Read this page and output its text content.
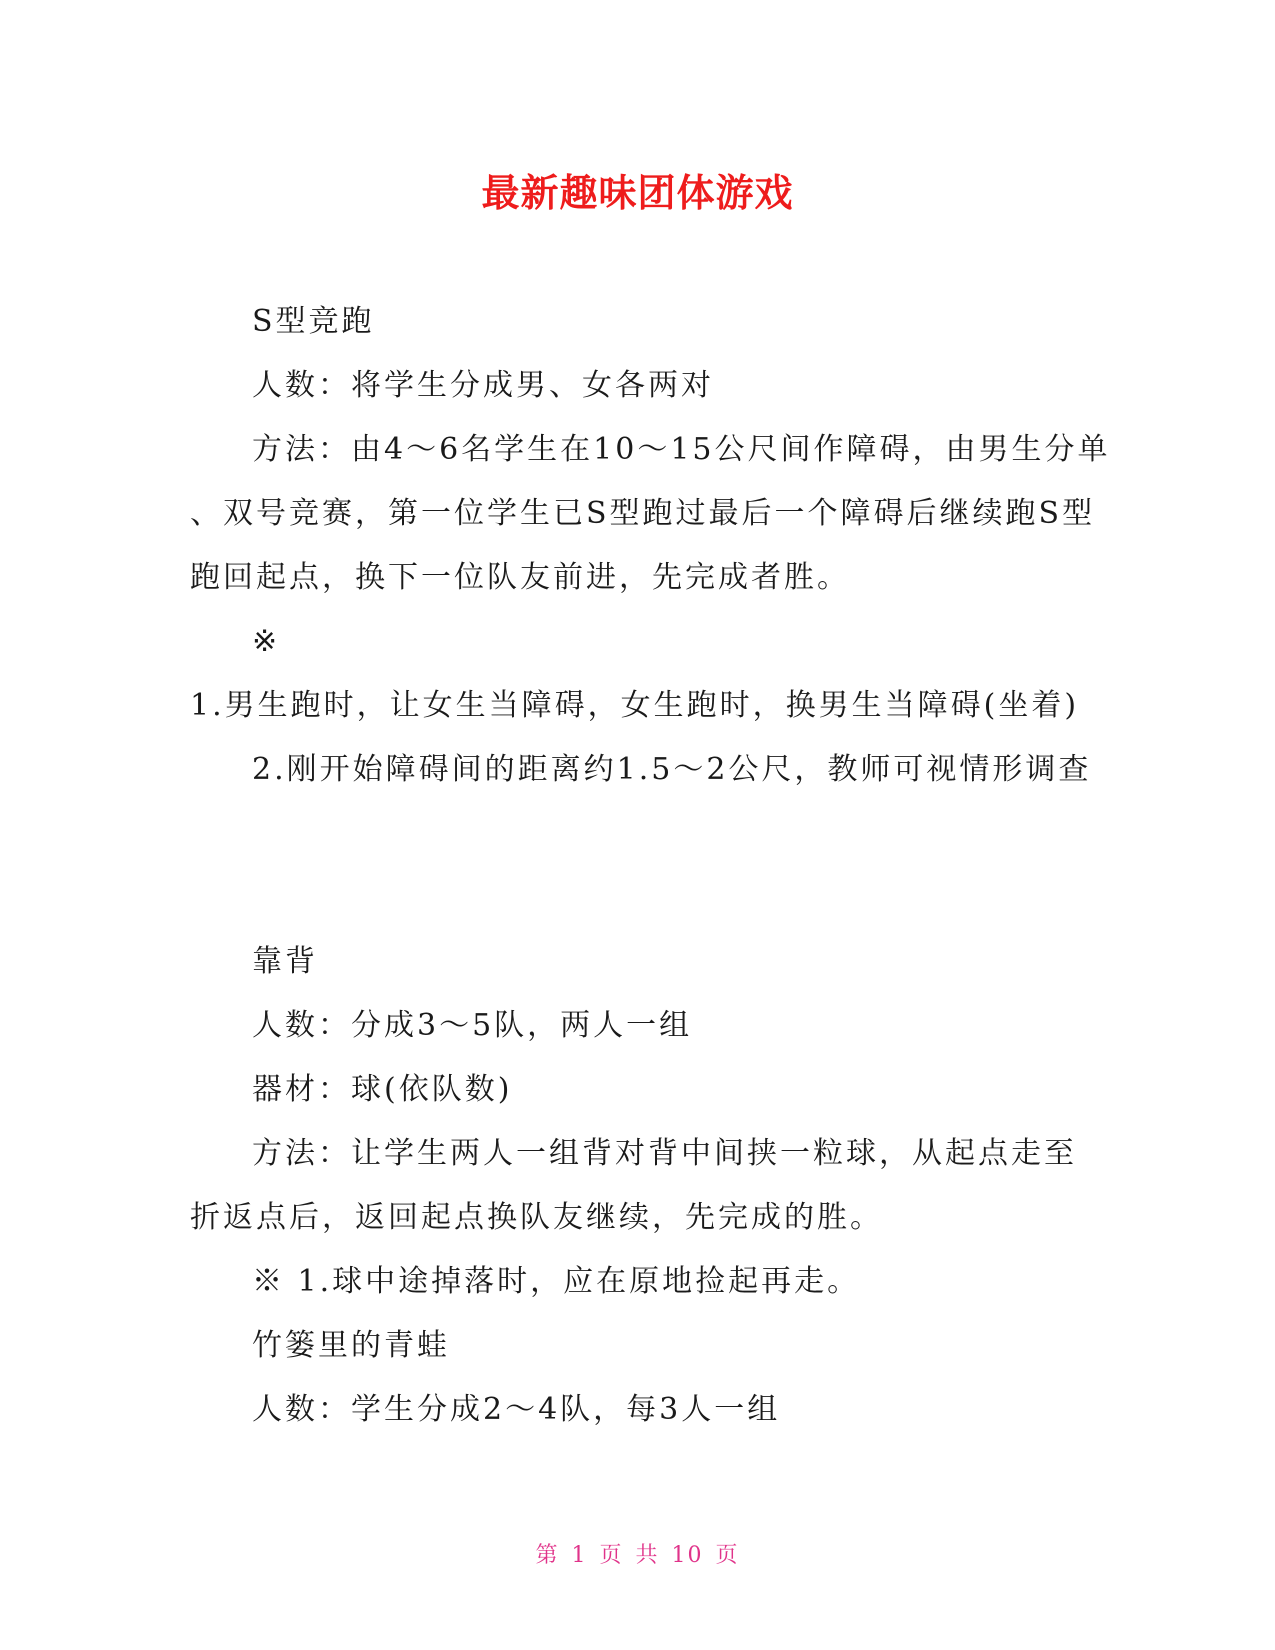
最新趣味团体游戏
S型竞跑
人数：将学生分成男、女各两对
方法：由4～6名学生在10～15公尺间作障碍，由男生分单
、双号竞赛，第一位学生已S型跑过最后一个障碍后继续跑S型
跑回起点，换下一位队友前进，先完成者胜。
※
1.男生跑时，让女生当障碍，女生跑时，换男生当障碍(坐着)
2.刚开始障碍间的距离约1.5～2公尺，教师可视情形调查
靠背
人数：分成3～5队，两人一组
器材：球(依队数)
方法：让学生两人一组背对背中间挟一粒球，从起点走至
折返点后，返回起点换队友继续，先完成的胜。
※ 1.球中途掉落时，应在原地捡起再走。
竹篓里的青蛙
人数：学生分成2～4队，每3人一组
第 1 页 共 10 页
